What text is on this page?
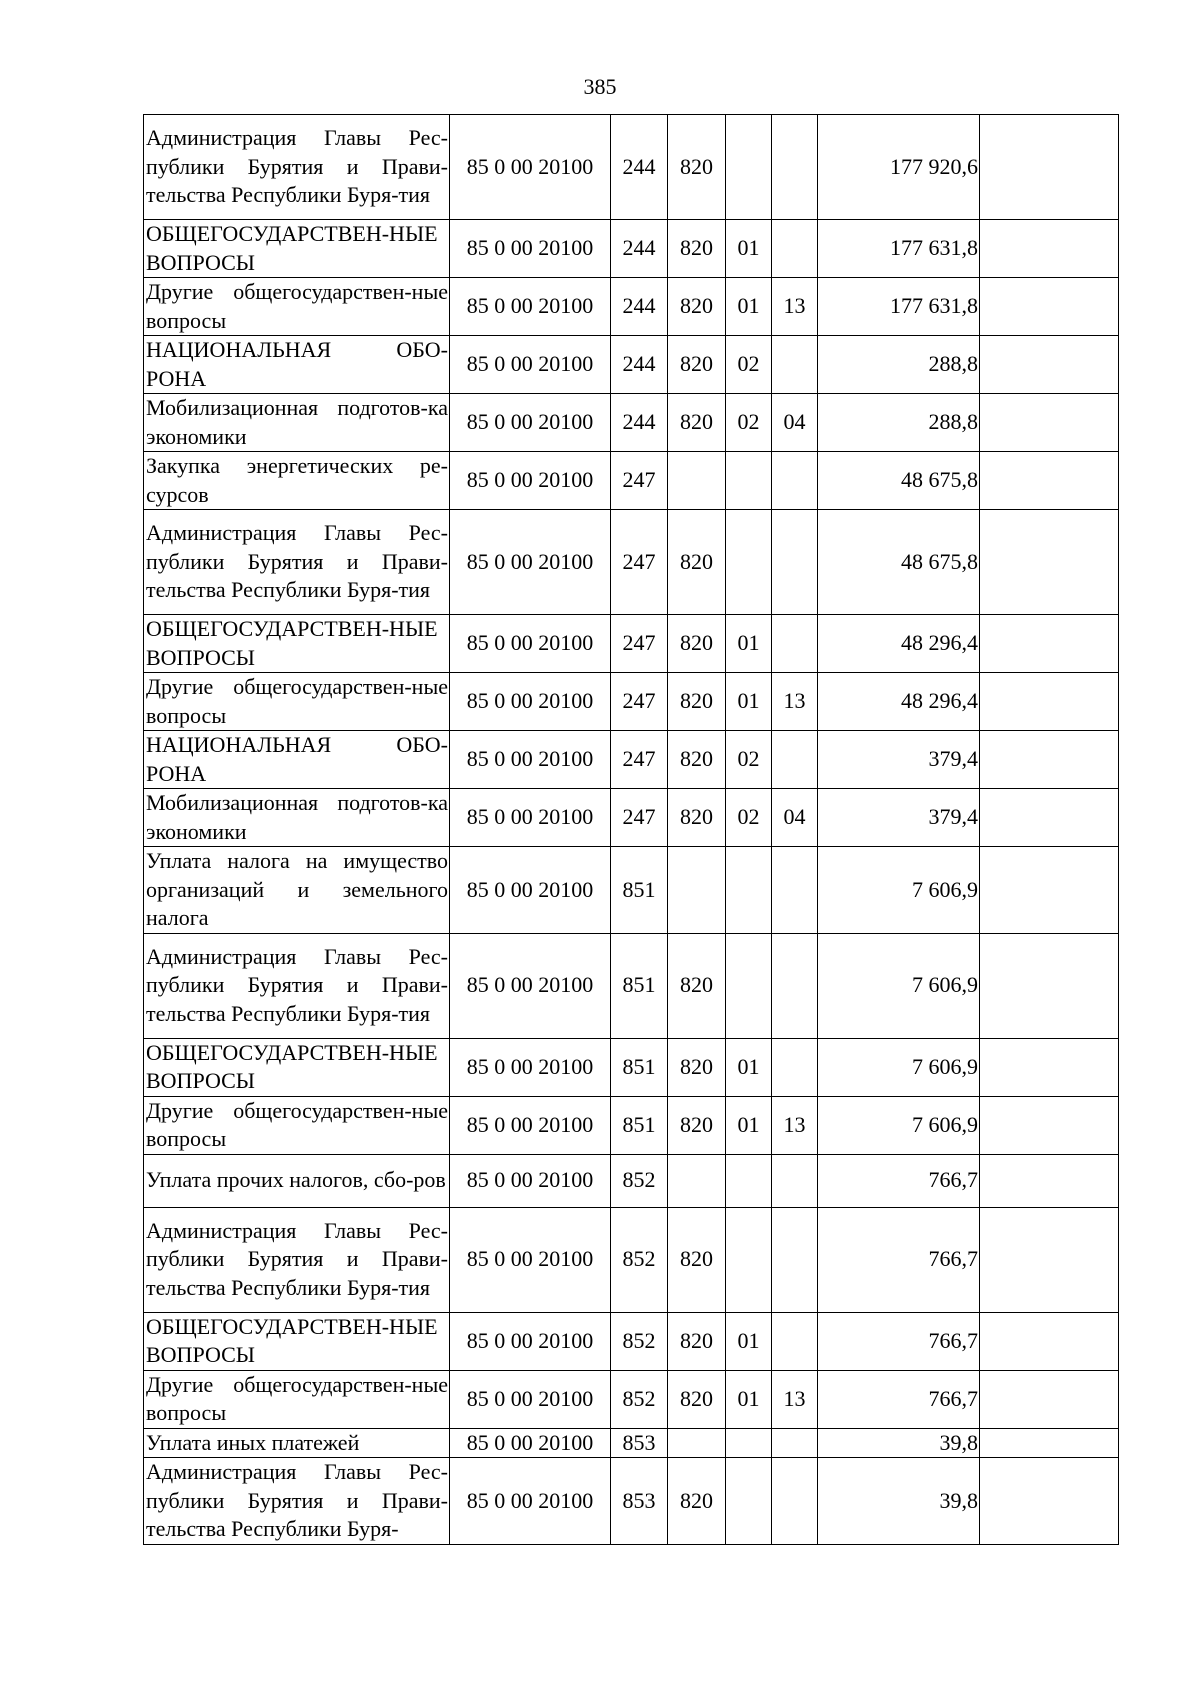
385
Администрация Главы Рес-публики Бурятия и Прави-тельства Республики Буря-тия	85 0 00 20100	244	820			177 920,6	
ОБЩЕГОСУДАРСТВЕН-НЫЕ ВОПРОСЫ	85 0 00 20100	244	820	01		177 631,8	
Другие общегосударствен-ные вопросы	85 0 00 20100	244	820	01	13	177 631,8	
НАЦИОНАЛЬНАЯ ОБО-РОНА	85 0 00 20100	244	820	02		288,8	
Мобилизационная подготов-ка экономики	85 0 00 20100	244	820	02	04	288,8	
Закупка энергетических ре-сурсов	85 0 00 20100	247				48 675,8	
Администрация Главы Рес-публики Бурятия и Прави-тельства Республики Буря-тия	85 0 00 20100	247	820			48 675,8	
ОБЩЕГОСУДАРСТВЕН-НЫЕ ВОПРОСЫ	85 0 00 20100	247	820	01		48 296,4	
Другие общегосударствен-ные вопросы	85 0 00 20100	247	820	01	13	48 296,4	
НАЦИОНАЛЬНАЯ ОБО-РОНА	85 0 00 20100	247	820	02		379,4	
Мобилизационная подготов-ка экономики	85 0 00 20100	247	820	02	04	379,4	
Уплата налога на имущество организаций и земельного налога	85 0 00 20100	851				7 606,9	
Администрация Главы Рес-публики Бурятия и Прави-тельства Республики Буря-тия	85 0 00 20100	851	820			7 606,9	
ОБЩЕГОСУДАРСТВЕН-НЫЕ ВОПРОСЫ	85 0 00 20100	851	820	01		7 606,9	
Другие общегосударствен-ные вопросы	85 0 00 20100	851	820	01	13	7 606,9	
Уплата прочих налогов, сбо-ров	85 0 00 20100	852				766,7	
Администрация Главы Рес-публики Бурятия и Прави-тельства Республики Буря-тия	85 0 00 20100	852	820			766,7	
ОБЩЕГОСУДАРСТВЕН-НЫЕ ВОПРОСЫ	85 0 00 20100	852	820	01		766,7	
Другие общегосударствен-ные вопросы	85 0 00 20100	852	820	01	13	766,7	
Уплата иных платежей	85 0 00 20100	853				39,8	
Администрация Главы Рес-публики Бурятия и Прави-тельства Республики Буря-	85 0 00 20100	853	820			39,8	
